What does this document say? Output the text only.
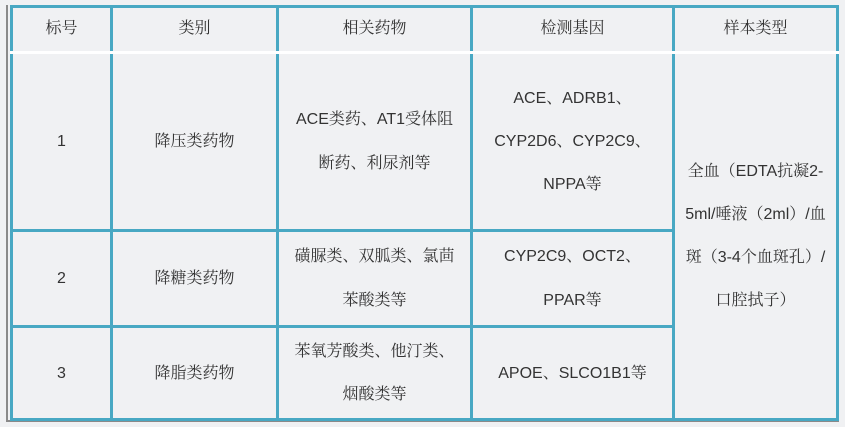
标号	类别	相关药物	检测基因	样本类型
1	降压类药物	ACE类药、AT1受体阻断药、利尿剂等	ACE、ADRB1、CYP2D6、CYP2C9、NPPA等	全血（EDTA抗凝2-5ml/唾液（2ml）/血斑（3-4个血斑孔）/口腔拭子）
2	降糖类药物	磺脲类、双胍类、氯茴苯酸类等	CYP2C9、OCT2、PPAR等	
3	降脂类药物	苯氧芳酸类、他汀类、烟酸类等	APOE、SLCO1B1等	
